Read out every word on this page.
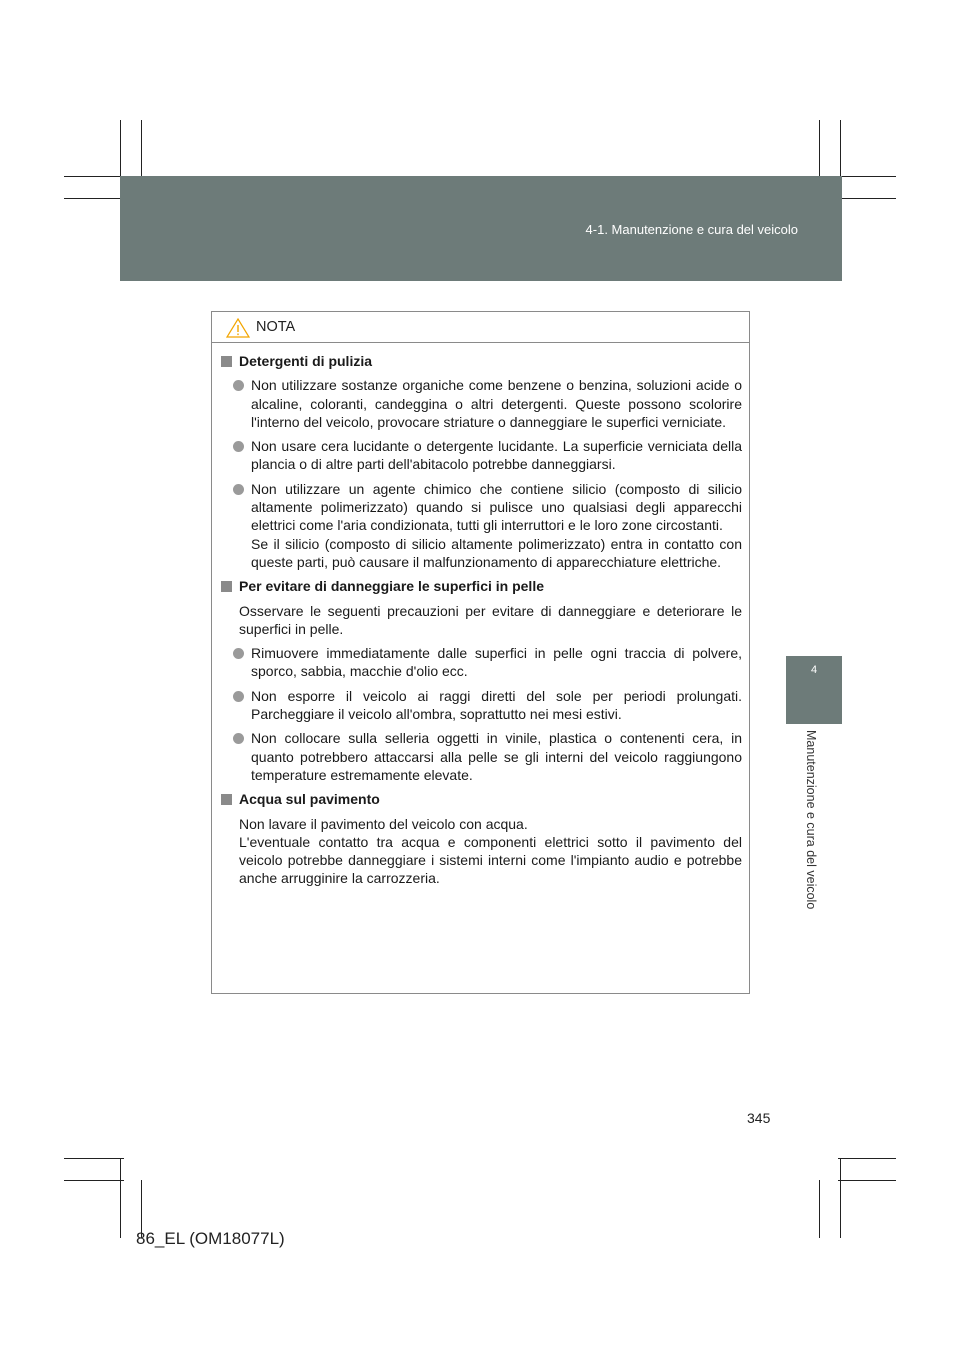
4-1. Manutenzione e cura del veicolo
4
Manutenzione e cura del veicolo
NOTA
Detergenti di pulizia

Non utilizzare sostanze organiche come benzene o benzina, soluzioni acide o alcaline, coloranti, candeggina o altri detergenti. Queste possono scolorire l'interno del veicolo, provocare striature o danneggiare le superfici verniciate.

Non usare cera lucidante o detergente lucidante. La superficie verniciata della plancia o di altre parti dell'abitacolo potrebbe danneggiarsi.

Non utilizzare un agente chimico che contiene silicio (composto di silicio altamente polimerizzato) quando si pulisce uno qualsiasi degli apparecchi elettrici come l'aria condizionata, tutti gli interruttori e le loro zone circostanti.

Se il silicio (composto di silicio altamente polimerizzato) entra in contatto con queste parti, può causare il malfunzionamento di apparecchiature elettriche.

Per evitare di danneggiare le superfici in pelle

Osservare le seguenti precauzioni per evitare di danneggiare e deteriorare le superfici in pelle.

Rimuovere immediatamente dalle superfici in pelle ogni traccia di polvere, sporco, sabbia, macchie d'olio ecc.

Non esporre il veicolo ai raggi diretti del sole per periodi prolungati. Parcheggiare il veicolo all'ombra, soprattutto nei mesi estivi.

Non collocare sulla selleria oggetti in vinile, plastica o contenenti cera, in quanto potrebbero attaccarsi alla pelle se gli interni del veicolo raggiungono temperature estremamente elevate.

Acqua sul pavimento

Non lavare il pavimento del veicolo con acqua.

L'eventuale contatto tra acqua e componenti elettrici sotto il pavimento del veicolo potrebbe danneggiare i sistemi interni come l'impianto audio e potrebbe anche arrugginire la carrozzeria.

345
86_EL (OM18077L)
